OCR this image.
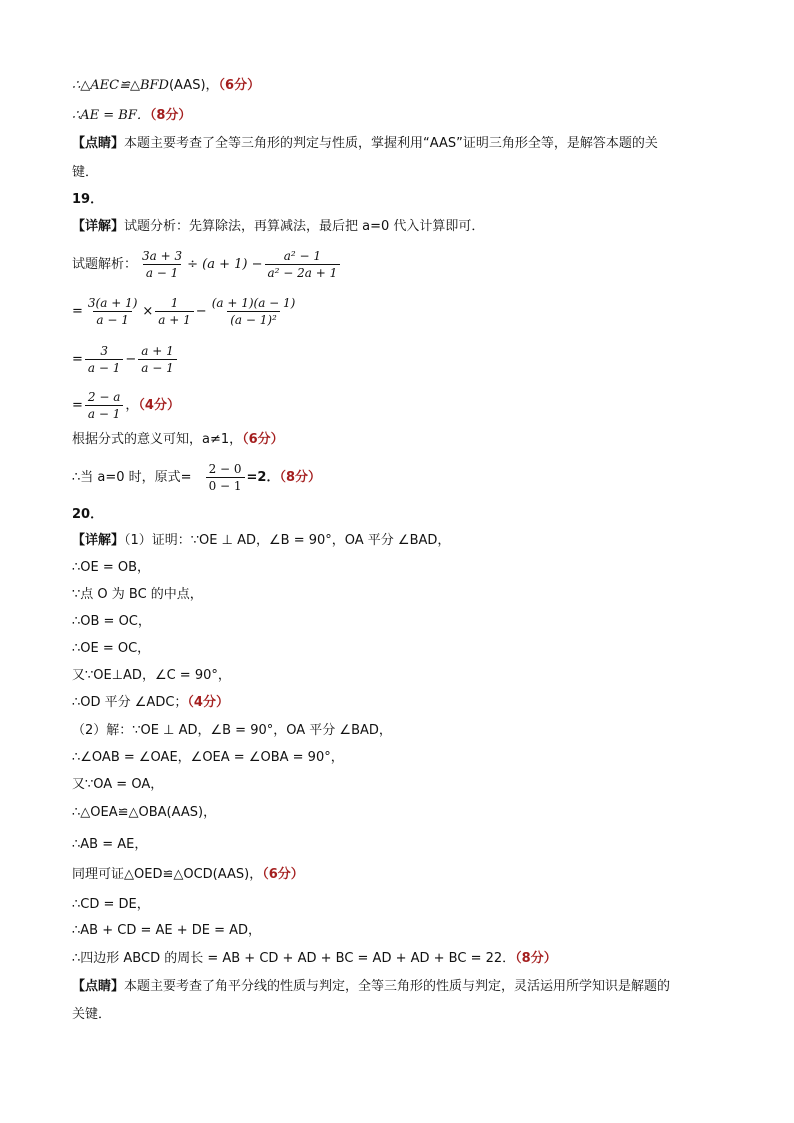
∴△AEC≌△BFD(AAS)，（6分）
∴AE = BF．（8分）
【点睛】本题主要考查了全等三角形的判定与性质，掌握利用“AAS”证明三角形全等，是解答本题的关
键．
19．
【详解】试题分析：先算除法，再算减法，最后把 a=0 代入计算即可．
试题解析： $\frac{3a + 3}{a - 1} \div (a + 1) - \frac{\text{a² − 1}}{\text{a² − 2a + 1}}$
= $\frac{3(a + 1)}{a - 1} \times \frac{1}{a + 1} - \frac{(a + 1)(a - 1)}{\text{(a − 1)²}}$
= $\frac{3}{a - 1} - \frac{a + 1}{a - 1}$
= $\frac{2 - a}{a - 1}$ ，（4分）
根据分式的意义可知，a≠1，（6分）
∴当 a=0 时，原式= $\frac{2 - 0}{0 - 1} =2$．（8分）
20．
【详解】（1）证明：∵OE ⊥ AD，∠B = 90°，OA 平分 ∠BAD，
∴OE = OB，
∵点 O 为 BC 的中点，
∴OB = OC，
∴OE = OC，
又∵OE⊥AD，∠C = 90°，
∴OD 平分 ∠ADC；（4分）
（2）解：∵OE ⊥ AD，∠B = 90°，OA 平分 ∠BAD，
∴∠OAB = ∠OAE，∠OEA = ∠OBA = 90°，
又∵OA = OA，
∴△OEA≌△OBA(AAS)，
∴AB = AE，
同理可证△OED≌△OCD(AAS)，（6分）
∴CD = DE，
∴AB + CD = AE + DE = AD，
∴四边形 ABCD 的周长 = AB + CD + AD + BC = AD + AD + BC = 22．（8分）
【点睛】本题主要考查了角平分线的性质与判定，全等三角形的性质与判定，灵活运用所学知识是解题的
关键．
